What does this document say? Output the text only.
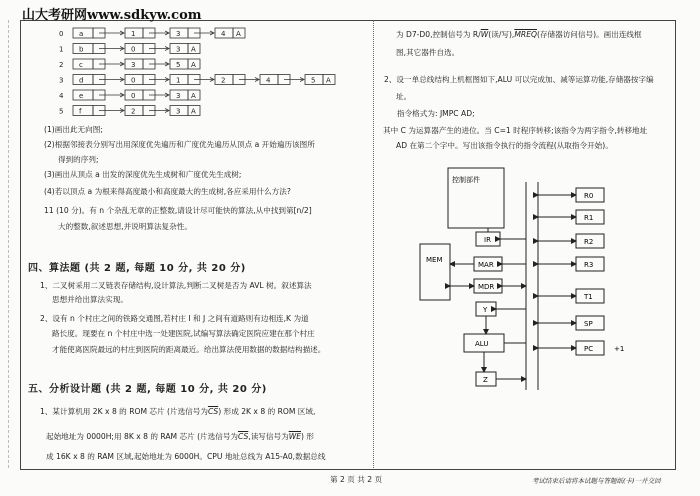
山大考研网www.sdkyw.com
0 a	1	3	4 A
1 b	0	3 A
2 c	3	5 A
3 d	0	1	2	4	5 A
4 e	0	3 A
5 f	2	3 A
(1)画出此无向图;
(2)根据邻接表分别写出用深度优先遍历和广度优先遍历从顶点 a 开始遍历该图所
得到的序列;
(3)画出从顶点 a 出发的深度优先生成树和广度优先生成树;
(4)若以顶点 a 为根来得高度最小和高度最大的生成树,各应采用什么方法?
11 (10 分)。有 n 个杂乱无章的正整数,请设计尽可能快的算法,从中找到第[n/2]
大的整数,叙述思想,并说明算法复杂性。
四、算法题 (共 2 题, 每题 10 分, 共 20 分)
1、二叉树采用二叉链表存储结构,设计算法,判断二叉树是否为 AVL 树。叙述算法
思想并给出算法实现。
2、设有 n 个村庄之间的铁路交通图,若村庄 I 和 J 之间有道路则有边相连,K 为道
路长度。现要在 n 个村庄中选一处建医院,试编写算法确定医院应建在那个村庄
才能使离医院最远的村庄到医院的距离最近。给出算法使用数据的数据结构描述。
五、分析设计题 (共 2 题, 每题 10 分, 共 20 分)
1、某计算机用 2K x 8 的 ROM 芯片 (片选信号为$\overline{CS}$) 形成 2K x 8 的 ROM 区域,
起始地址为 0000H;用 8K x 8 的 RAM 芯片 (片选信号为$\overline{CS}$,读写信号为$\overline{WE}$) 形
成 16K x 8 的 RAM 区域,起始地址为 6000H。CPU 地址总线为 A15-A0,数据总线
为 D7-D0,控制信号为 $R/\overline{W}$(读/写),MREQ(存储器访问信号)。画出连线框
图,其它器件自选。
2、设一单总线结构上机框图如下,ALU 可以完成加、减等运算功能,存储器按字编
址。
指令格式为: JMPC AD;
其中 C 为运算器产生的进位。当 C=1 时程序转移;该指令为两字指令,转移地址
AD 在第二个字中。写出该指令执行的指令流程(从取指令开始)。
控制部件
MEM
IR
MAR
MDR
Y
ALU
Z
R0
R1
R2
R3
T1
SP
PC	+1
第 2 页 共 2 页	考试结束后请将本试题与答题纸(卡)一并交回
